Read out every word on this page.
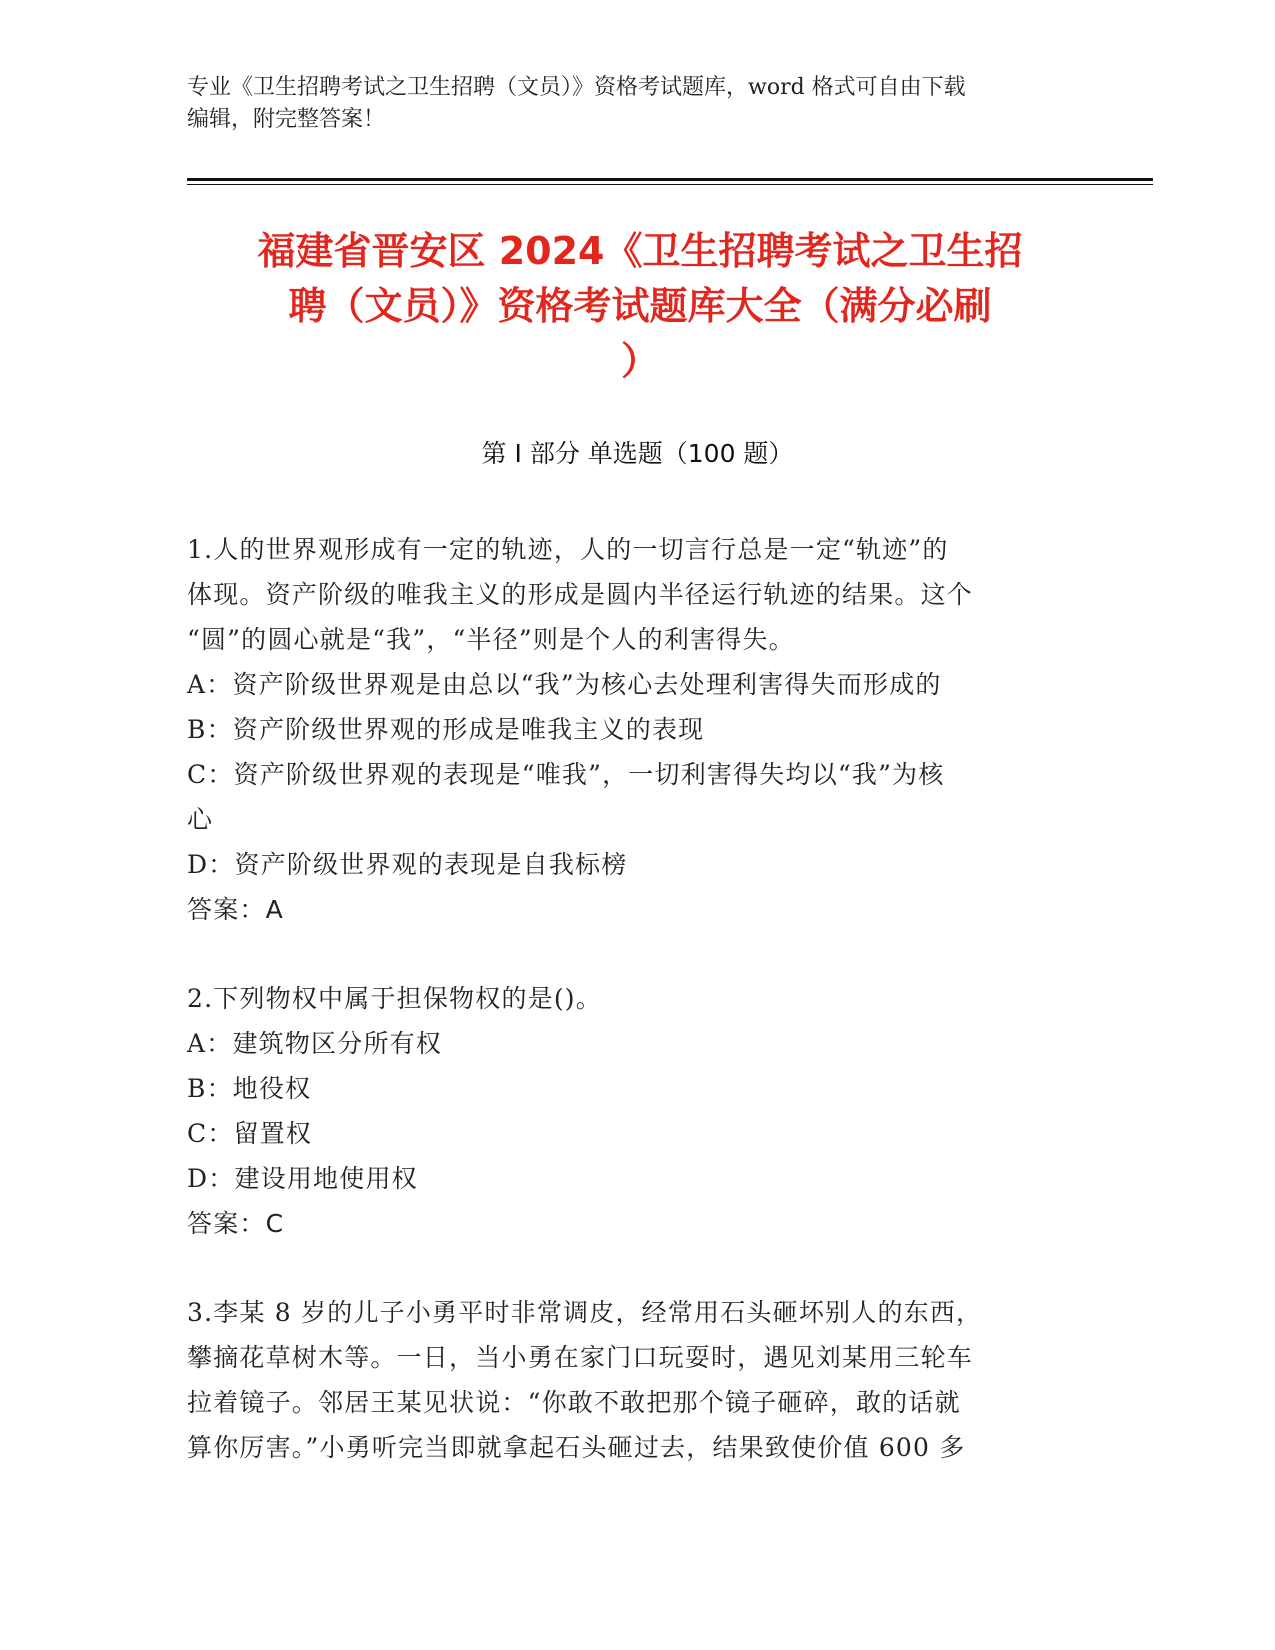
专业《卫生招聘考试之卫生招聘（文员）》资格考试题库，word 格式可自由下载

编辑，附完整答案！

福建省晋安区 2024《卫生招聘考试之卫生招
聘（文员）》资格考试题库大全（满分必刷
）
第 I 部分 单选题（100 题）

1.人的世界观形成有一定的轨迹，人的一切言行总是一定“轨迹”的

体现。资产阶级的唯我主义的形成是圆内半径运行轨迹的结果。这个

“圆”的圆心就是“我”，“半径”则是个人的利害得失。

A：资产阶级世界观是由总以“我”为核心去处理利害得失而形成的

B：资产阶级世界观的形成是唯我主义的表现

C：资产阶级世界观的表现是“唯我”，一切利害得失均以“我”为核

心

D：资产阶级世界观的表现是自我标榜

答案：A

2.下列物权中属于担保物权的是()。

A：建筑物区分所有权

B：地役权

C：留置权

D：建设用地使用权

答案：C

3.李某 8 岁的儿子小勇平时非常调皮，经常用石头砸坏别人的东西，

攀摘花草树木等。一日，当小勇在家门口玩耍时，遇见刘某用三轮车

拉着镜子。邻居王某见状说：“你敢不敢把那个镜子砸碎，敢的话就

算你厉害。”小勇听完当即就拿起石头砸过去，结果致使价值 600 多
